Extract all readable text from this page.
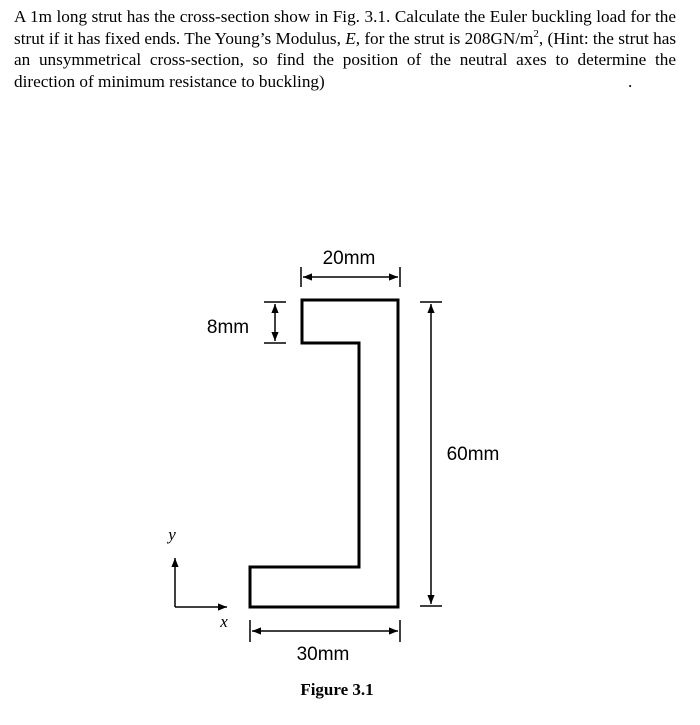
A 1m long strut has the cross-section show in Fig. 3.1. Calculate the Euler buckling load for the strut if it has fixed ends. The Young’s Modulus, E, for the strut is $208GN/m^2$, (Hint: the strut has an unsymmetrical cross-section, so find the position of the neutral axes to determine the direction of minimum resistance to buckling)	.
20mm
8mm
60mm
30mm
y
x
Figure 3.1
